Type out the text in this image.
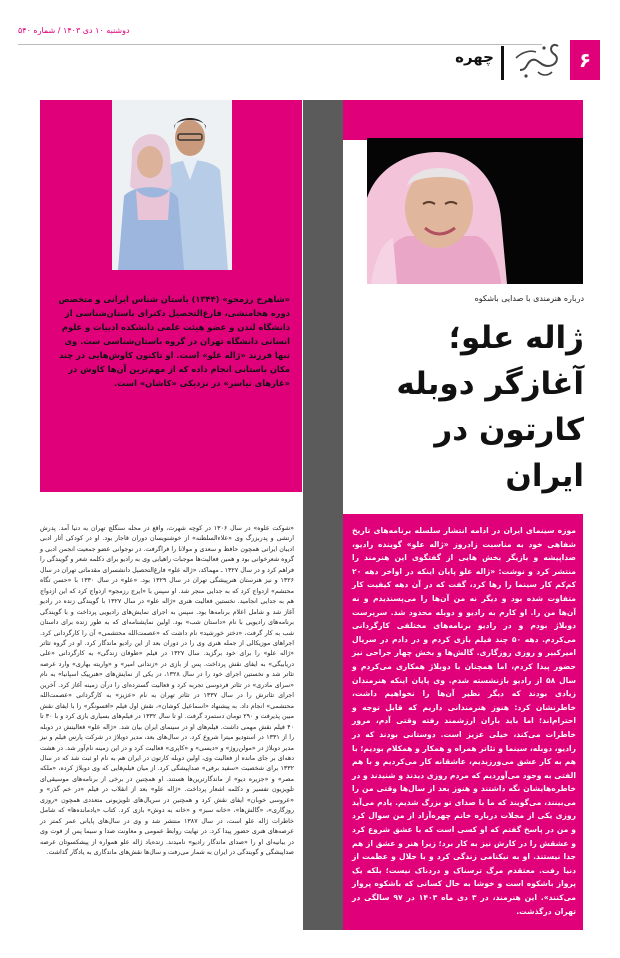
دوشنبه ۱۰ دی ۱۴۰۳ / شماره ۵۴۰
۶
چهره
«شاهرخ رزمجو» (۱۳۴۴) باستان شناس ایرانی و متخصص دوره هخامنشی، فارغ‌التحصیل دکترای باستان‌شناسی از دانشگاه لندن و عضو هیئت علمی دانشکده ادبیات و علوم انسانی دانشگاه تهران در گروه باستان‌شناسی ست. وی تنها فرزند «ژاله علو» است. او تاکنون کاوش‌هایی در چند مکان باستانی انجام داده که از مهم‌ترین آن‌ها کاوش در «غارهای نیاسر» در نزدیکی «کاشان» است.
درباره هنرمندی با صدایی باشکوه
ژاله علو؛ آغازگر دوبله کارتون در ایران
موزه سینمای ایران در ادامه انتشار سلسله برنامه‌های تاریخ شفاهی خود به مناسبت زادروز «ژاله علو» گوینده رادیو، صداپیشه و بازیگر بخش هایی از گفتگوی این هنرمند را منتشر کرد و نوشت: «ژاله علو پایان اینکه در اواخر دهه ۲۰ کم‌کم کار سینما را رها کرد، گفت که در آن دهه کیفیت کار متفاوت شده بود و دیگر نه من آن‌ها را می‌پسندیدم و نه آن‌ها من را. او کارم به رادیو و دوبله محدود شد. سرپرست دوبلاژ بودم و در رادیو برنامه‌های مختلفی کارگردانی می‌کردم. دهه ۵۰ چند فیلم بازی کردم و در دادم در سریال امیرکبیر و روزی روزگاری. گالش‌ها و بخش چهار جراحی نیز حضور پیدا کردم، اما همچنان با دوبلاژ همکاری می‌کردم و سال ۵۸ از رادیو بازنشسته شدم. وی پایان اینکه هنرمندان زیادی بودند که دیگر نظیر آن‌ها را نخواهیم داشت، خاطرنشان کرد: هنوز هنرمندانی داریم که قابل توجه و احترام‌اند؛ اما باید باران ارزشمند رفته وقتی آدم، مرور خاطرات می‌کند، خیلی عزیز است. دوستانی بودند که در رادیو، دوبله، سینما و تئاتر همراه و همکار و همکلام بودیم؛ با هم به کار عشق می‌ورزیدیم، عاشقانه کار می‌کردیم و با هم الفتی به وجود می‌آوردیم که مردم روزی دیدند و شنیدند و در خاطره‌هایشان نگه داشتند و هنوز بعد از سال‌ها وقتی من را می‌بینند، می‌گویند که ما با صدای تو بزرگ شدیم. یادم می‌آید روزی یکی از مجلات درباره خانم چهره‌آزاد از من سوال کرد و من در پاسخ گفتم که او کسی است که با عشق شروع کرد و عشقش را در کارش نیز به کار برد؛ زیرا هنر و عشق از هم جدا نیستند. او به نیکنامی زندگی کرد و با جلال و عظمت از دنیا رفت. معتقدم مرگ ترسناک و دردناک نیست؛ بلکه یک پرواز باشکوه است و خوشا به حال کسانی که باشکوه پرواز می‌کنند». این هنرمند، در ۳ دی ماه ۱۴۰۳ در ۹۷ سالگی در تهران درگذشت.
«شوکت علوه» در سال ۱۳۰۶ در کوچه شهرت، واقع در محله سنگلج تهران به دنیا آمد. پدرش ارتشی و پدربزرگ وی «علاءالسلطنه» از خوشنویسان دوران قاجار بود. او در کودکی آثار ادبی ادیبان ایرانی همچون حافظ و سعدی و مولانا را فراگرفت. در نوجوانی عضو جمعیت انجمن ادبی و گروه شعرخوانی بود و همین فعالیت‌ها موجبات راهیابی وی به رادیو برای دکلمه شعر و گویندگی را فراهم کرد و در سال ۱۳۲۷ ـ مهماکد، «ژاله علو» فارغ‌التحصیل دانشسرای مقدماتی تهران در سال ۱۳۲۶ و نیز هنرستان هنرپیشگی تهران در سال ۱۳۲۹ بود. «علو» در سال ۱۳۳۰ با «حسن تگاه محتشم» ازدواج کرد که به جدایی منجر شد. او سپس با «ایرج رزمجو» ازدواج کرد که این ازدواج هم به جدایی انجامید. نخستین فعالیت هنری «ژاله علو» در سال ۱۳۲۷ با گویندگی زنده در رادیو آغاز شد و شامل اعلام برنامه‌ها بود. سپس به اجرای نمایش‌های رادیویی پرداخت و با گویندگی برنامه‌های رادیویی با نام «داستان شب» بود. اولین نمایشنامه‌ای که به طور زنده برای داستان شب به کار گرفت، «دختر خورشید» نام داشت که «عصمت‌الله محتشمی» آن را کارگردانی کرد. اجراهای موزیکالی از جمله هنری وی را در دوران بعد از این رادیو ماندگار کرد. او در گروه تئاتر «ژاله علو» را برای خود برگزید. سال ۱۳۲۷ در فیلم «طوفان زندگی» به کارگردانی «علی دریابیگی» به ایفای نقش پرداخت. پس از بازی در «زندانی امیر» و «واریته بهاری» وارد عرصه تئاتر شد و نخستین اجرای خود را در سال ۱۳۲۸، در یکی از نمایش‌های «هنرپیک اسپانیا» به نام «سرای مادری» در تئاتر فردوسی تجربه کرد و فعالیت گسترده‌ای را درآن زمینه آغاز کرد. آخرین اجرای تئاترش را در سال ۱۳۳۷ در تئاتر تهران به نام «عزیز» به کارگردانی «عصمت‌الله محتشمی» انجام داد. به پیشنهاد «اسماعیل کوشان»، نقش اول فیلم «افسونگر» را با ایفای نقش مبین پذیرفت و ۲۹۰ تومان دستمزد گرفت. او تا سال ۱۳۳۲ در فیلم‌های بسیاری بازی کرد و با ۳۰ تا ۴۰ فیلم نقش مهمی داشت. فیلم‌های او در سینمای ایران بیان شد. «ژاله علو» فعالیتش در دوبله را از ۱۳۳۱ در استودیو میترا شروع کرد. در سال‌های بعد، مدیر دوبلاژ در شرکت پارس فیلم و نیز مدیر دوبلاژ در «مولن‌روژ» و «دیسی» و «کاپری» فعالیت کرد و در این زمینه نام‌آور شد. در هشت دهه‌ای بر جای مانده از فعالیت وی، اولین دوبله کارتون در ایران هم به نام او ثبت شد که در سال ۱۳۳۲ برای شخصیت «سفید برفی» صداپیشگی کرد. از میان فیلم‌هایی که وی دوبلاژ کرده، «ملکه مصر» و «جزیره دیو» از ماندگارترین‌ها هستند. او همچنین در برخی از برنامه‌های موسیقی‌ای تلویزیون تفسیر و دکلمه اشعار پرداخت. «ژاله علو» بعد از انقلاب در فیلم «در خم گذر» و «عروسی خوبان» ایفای نقش کرد و همچنین در سریال‌های تلویزیونی متعددی همچون «روزی روزگاری»، «گالش‌ها»، «خانه سبز» و «خانه به دوش» بازی کرد. کتاب «یادمانده‌ها» که شامل خاطرات ژاله علو است، در سال ۱۳۸۷ منتشر شد و وی در سال‌های پایانی عمر کمتر در عرصه‌های هنری حضور پیدا کرد. در نهایت روابط عمومی و معاونت صدا و سیما پس از فوت وی در بیانیه‌ای او را «صدای ماندگار رادیو» نامیدند. زنده‌یاد ژاله علو همواره از پیشکسوتان عرصه صداپیشگی و گویندگی در ایران به شمار می‌رفت و سال‌ها نقش‌های ماندگاری به یادگار گذاشت.
